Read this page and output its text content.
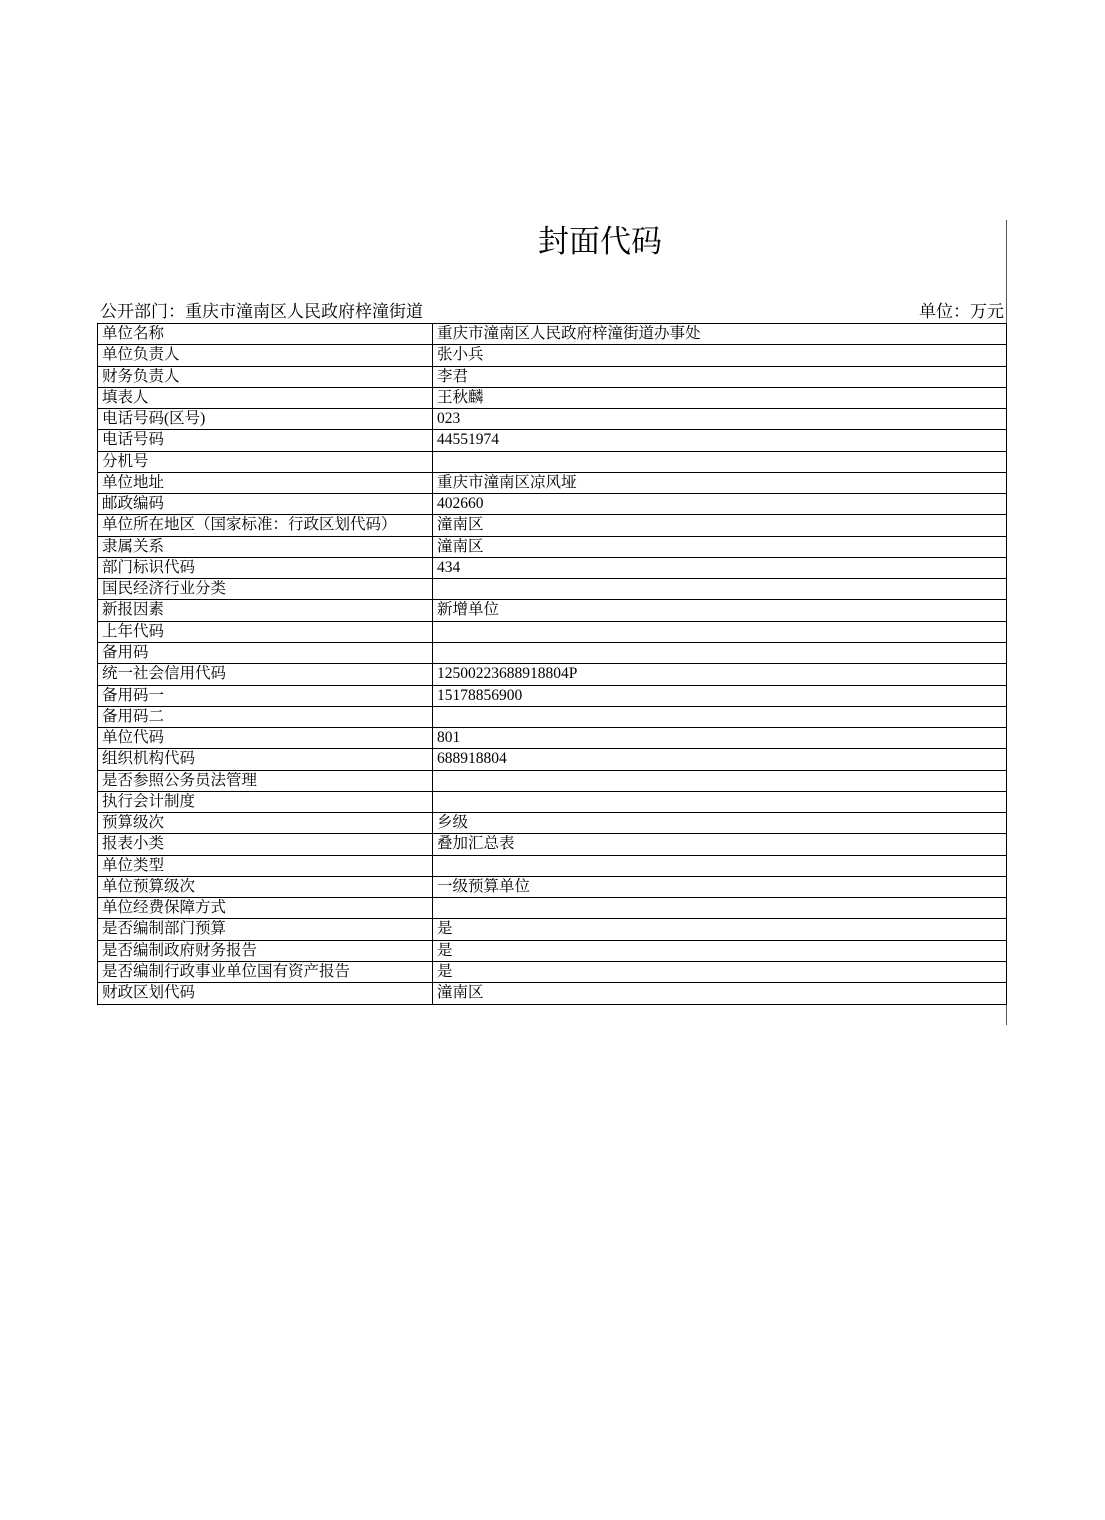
封面代码
公开部门：重庆市潼南区人民政府梓潼街道	单位：万元
单位名称	重庆市潼南区人民政府梓潼街道办事处
单位负责人	张小兵
财务负责人	李君
填表人	王秋麟
电话号码(区号)	023
电话号码	44551974
分机号
单位地址	重庆市潼南区凉风垭
邮政编码	402660
单位所在地区（国家标准：行政区划代码）	潼南区
隶属关系	潼南区
部门标识代码	434
国民经济行业分类
新报因素	新增单位
上年代码
备用码
统一社会信用代码	12500223688918804P
备用码一	15178856900
备用码二
单位代码	801
组织机构代码	688918804
是否参照公务员法管理
执行会计制度
预算级次	乡级
报表小类	叠加汇总表
单位类型
单位预算级次	一级预算单位
单位经费保障方式
是否编制部门预算	是
是否编制政府财务报告	是
是否编制行政事业单位国有资产报告	是
财政区划代码	潼南区
